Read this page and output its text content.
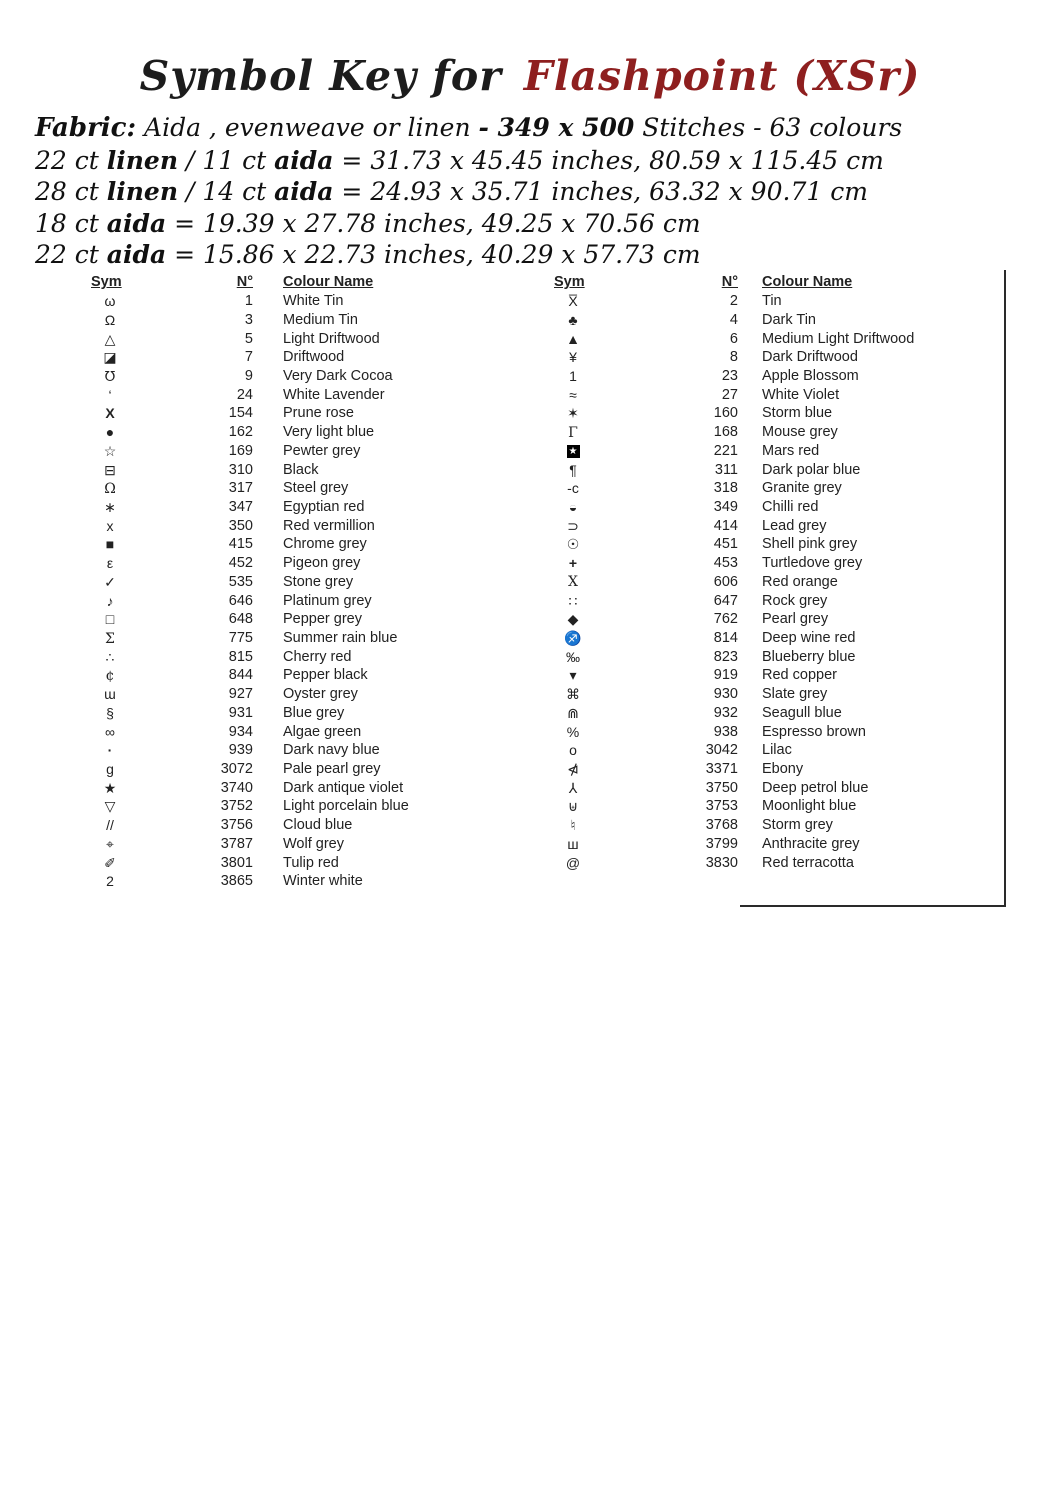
Symbol Key for Flashpoint (XSr)
Fabric: Aida , evenweave or linen - 349 x 500 Stitches - 63 colours
22 ct linen / 11 ct aida = 31.73 x 45.45 inches, 80.59 x 115.45 cm
28 ct linen / 14 ct aida = 24.93 x 35.71 inches, 63.32 x 90.71 cm
18 ct aida = 19.39 x 27.78 inches, 49.25 x 70.56 cm
22 ct aida = 15.86 x 22.73 inches, 40.29 x 57.73 cm
Sym	N°	Colour Name
ω	1	White Tin
Ω	3	Medium Tin
△	5	Light Driftwood
◪	7	Driftwood
℧	9	Very Dark Cocoa
‘	24	White Lavender
X	154	Prune rose
●	162	Very light blue
☆	169	Pewter grey
⊟	310	Black
Ω	317	Steel grey
∗	347	Egyptian red
x	350	Red vermillion
■	415	Chrome grey
ε	452	Pigeon grey
✓	535	Stone grey
♪	646	Platinum grey
□	648	Pepper grey
Σ	775	Summer rain blue
∴	815	Cherry red
¢	844	Pepper black
ɯ	927	Oyster grey
§	931	Blue grey
∞	934	Algae green
·	939	Dark navy blue
g	3072	Pale pearl grey
★	3740	Dark antique violet
▽	3752	Light porcelain blue
//	3756	Cloud blue
⌖	3787	Wolf grey
✐	3801	Tulip red
2	3865	Winter white
Sym	N°	Colour Name
X̅	2	Tin
♣	4	Dark Tin
▲	6	Medium Light Driftwood
¥	8	Dark Driftwood
1	23	Apple Blossom
≈	27	White Violet
✶	160	Storm blue
Γ	168	Mouse grey
★	221	Mars red
¶	311	Dark polar blue
-c	318	Granite grey
◒	349	Chilli red
⊃	414	Lead grey
☉	451	Shell pink grey
+	453	Turtledove grey
Ⅹ	606	Red orange
∷	647	Rock grey
◆	762	Pearl grey
♐	814	Deep wine red
‰	823	Blueberry blue
▾	919	Red copper
⌘	930	Slate grey
⋒	932	Seagull blue
%	938	Espresso brown
o	3042	Lilac
⋪	3371	Ebony
⅄	3750	Deep petrol blue
⊎	3753	Moonlight blue
♮	3768	Storm grey
ш	3799	Anthracite grey
@	3830	Red terracotta
